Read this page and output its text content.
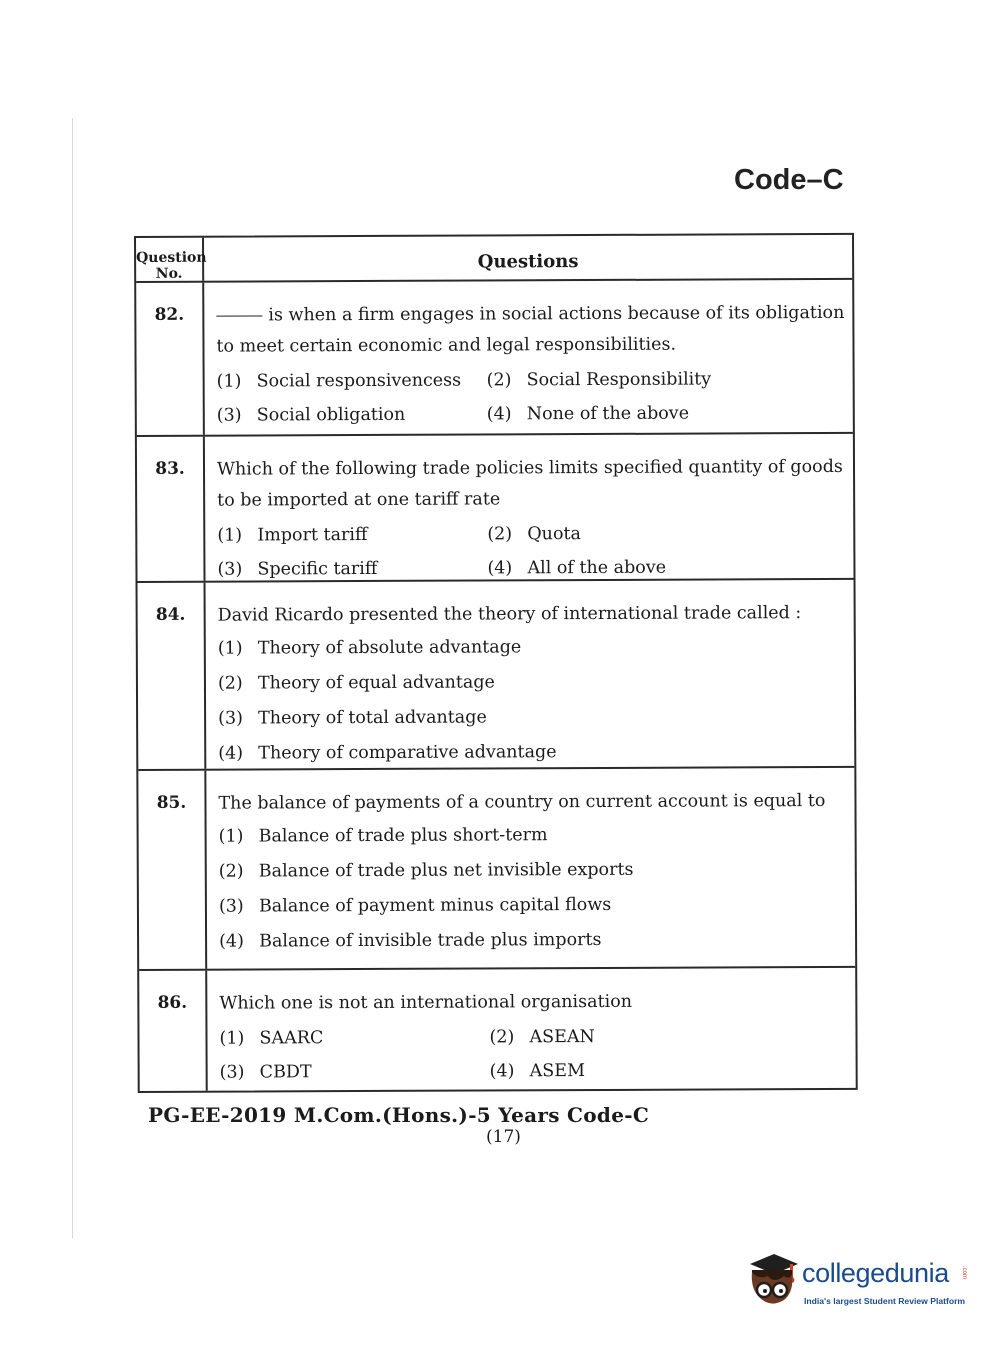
Code–C
Question No.
Questions
82.	is when a firm engages in social actions because of its obligation to meet certain economic and legal responsibilities.
(1) Social responsivencess	(2) Social Responsibility
(3) Social obligation	(4) None of the above
83.	Which of the following trade policies limits specified quantity of goods to be imported at one tariff rate
(1) Import tariff	(2) Quota
(3) Specific tariff	(4) All of the above
84.	David Ricardo presented the theory of international trade called :
(1) Theory of absolute advantage
(2) Theory of equal advantage
(3) Theory of total advantage
(4) Theory of comparative advantage
85.	The balance of payments of a country on current account is equal to
(1) Balance of trade plus short-term
(2) Balance of trade plus net invisible exports
(3) Balance of payment minus capital flows
(4) Balance of invisible trade plus imports
86.	Which one is not an international organisation
(1) SAARC	(2) ASEAN
(3) CBDT	(4) ASEM
PG-EE-2019 M.Com.(Hons.)-5 Years Code-C
(17)
collegedunia .com
India's largest Student Review Platform
